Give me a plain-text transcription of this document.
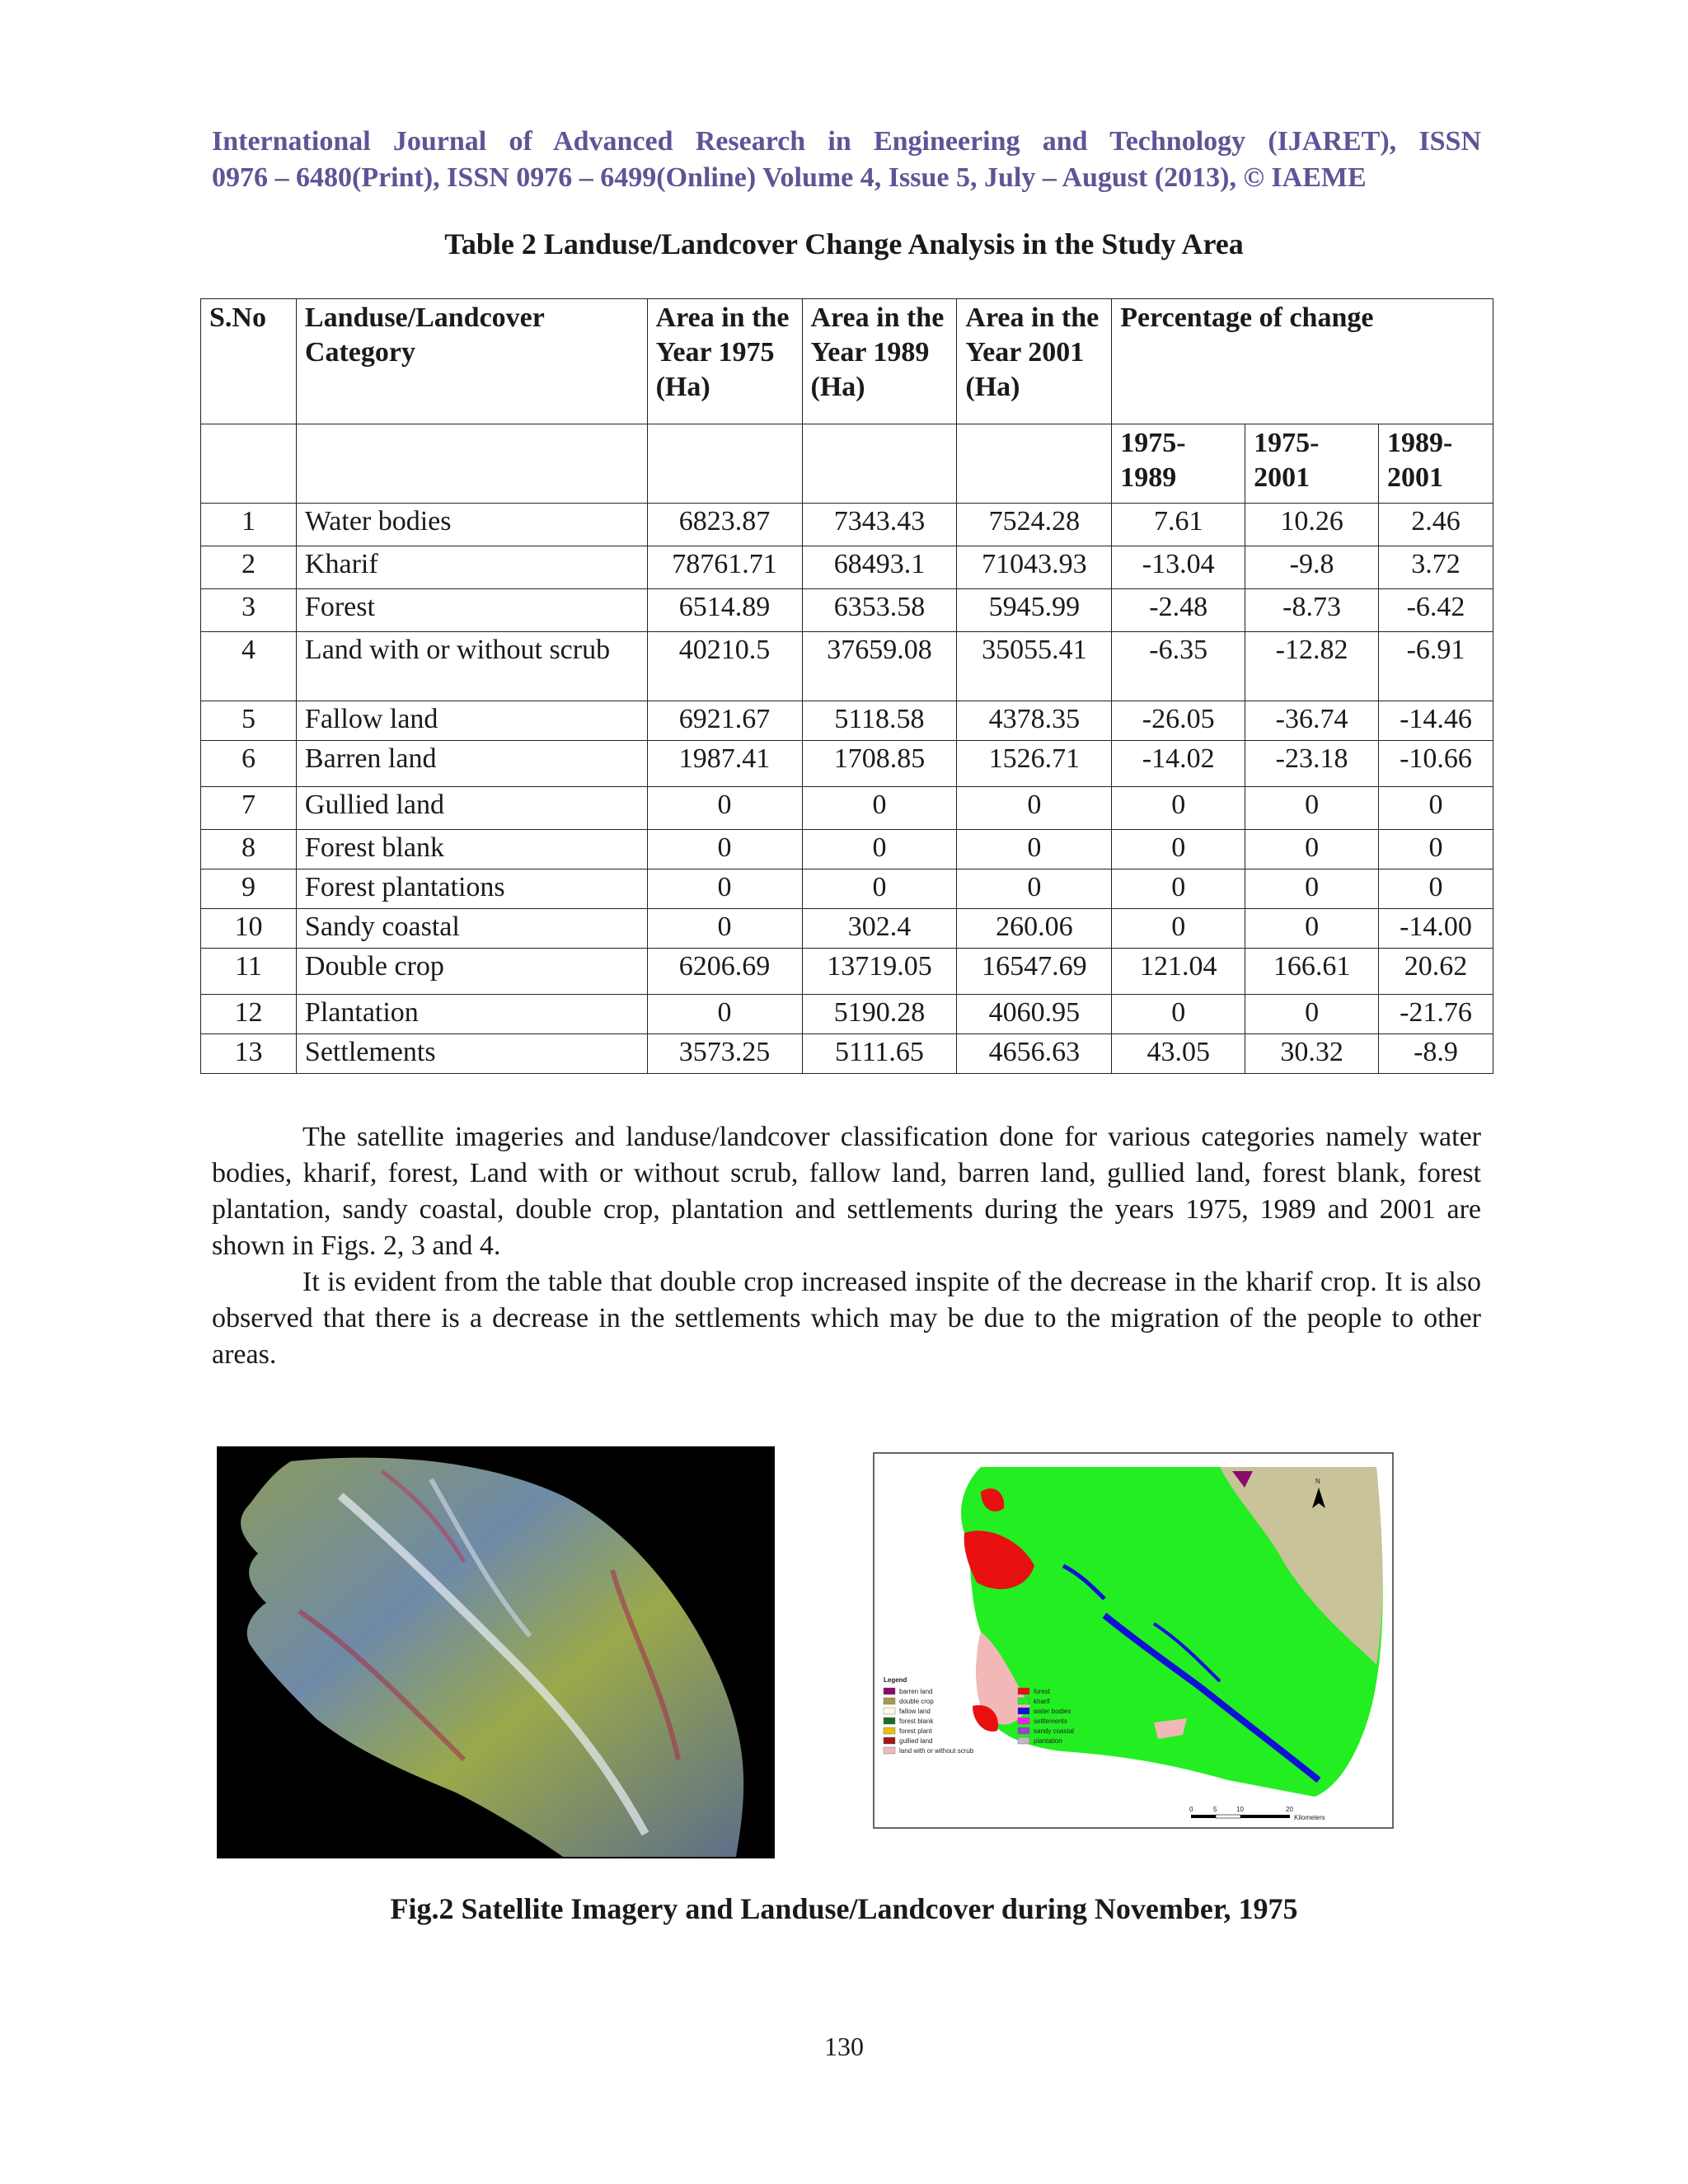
International Journal of Advanced Research in Engineering and Technology (IJARET), ISSN

0976 – 6480(Print), ISSN 0976 – 6499(Online) Volume 4, Issue 5, July – August (2013), © IAEME

Table 2 Landuse/Landcover Change Analysis in the Study Area
S.No	Landuse/Landcover Category	Area in the Year 1975 (Ha)	Area in the Year 1989 (Ha)	Area in the Year 2001 (Ha)	Percentage of change		
					1975- 1989	1975- 2001	1989- 2001
1	Water bodies	6823.87	7343.43	7524.28	7.61	10.26	2.46
2	Kharif	78761.71	68493.1	71043.93	-13.04	-9.8	3.72
3	Forest	6514.89	6353.58	5945.99	-2.48	-8.73	-6.42
4	Land with or without scrub	40210.5	37659.08	35055.41	-6.35	-12.82	-6.91
5	Fallow land	6921.67	5118.58	4378.35	-26.05	-36.74	-14.46
6	Barren land	1987.41	1708.85	1526.71	-14.02	-23.18	-10.66
7	Gullied land	0	0	0	0	0	0
8	Forest blank	0	0	0	0	0	0
9	Forest plantations	0	0	0	0	0	0
10	Sandy coastal	0	302.4	260.06	0	0	-14.00
11	Double crop	6206.69	13719.05	16547.69	121.04	166.61	20.62
12	Plantation	0	5190.28	4060.95	0	0	-21.76
13	Settlements	3573.25	5111.65	4656.63	43.05	30.32	-8.9

The satellite imageries and landuse/landcover classification done for various categories namely water bodies, kharif, forest, Land with or without scrub, fallow land, barren land, gullied land, forest blank, forest plantation, sandy coastal, double crop, plantation and settlements during the years 1975, 1989 and 2001 are shown in Figs. 2, 3 and 4.

It is evident from the table that double crop increased inspite of the decrease in the kharif crop. It is also observed that there is a decrease in the settlements which may be due to the migration of the people to other areas.

N
Legend
barren land
double crop
fallow land
forest blank
forest plant
gullied land
land with or without scrub
forest
kharif
water bodies
settlements
sandy coastal
plantation
0	5	10	20
Kilometers
Fig.2 Satellite Imagery and Landuse/Landcover during November, 1975
130
